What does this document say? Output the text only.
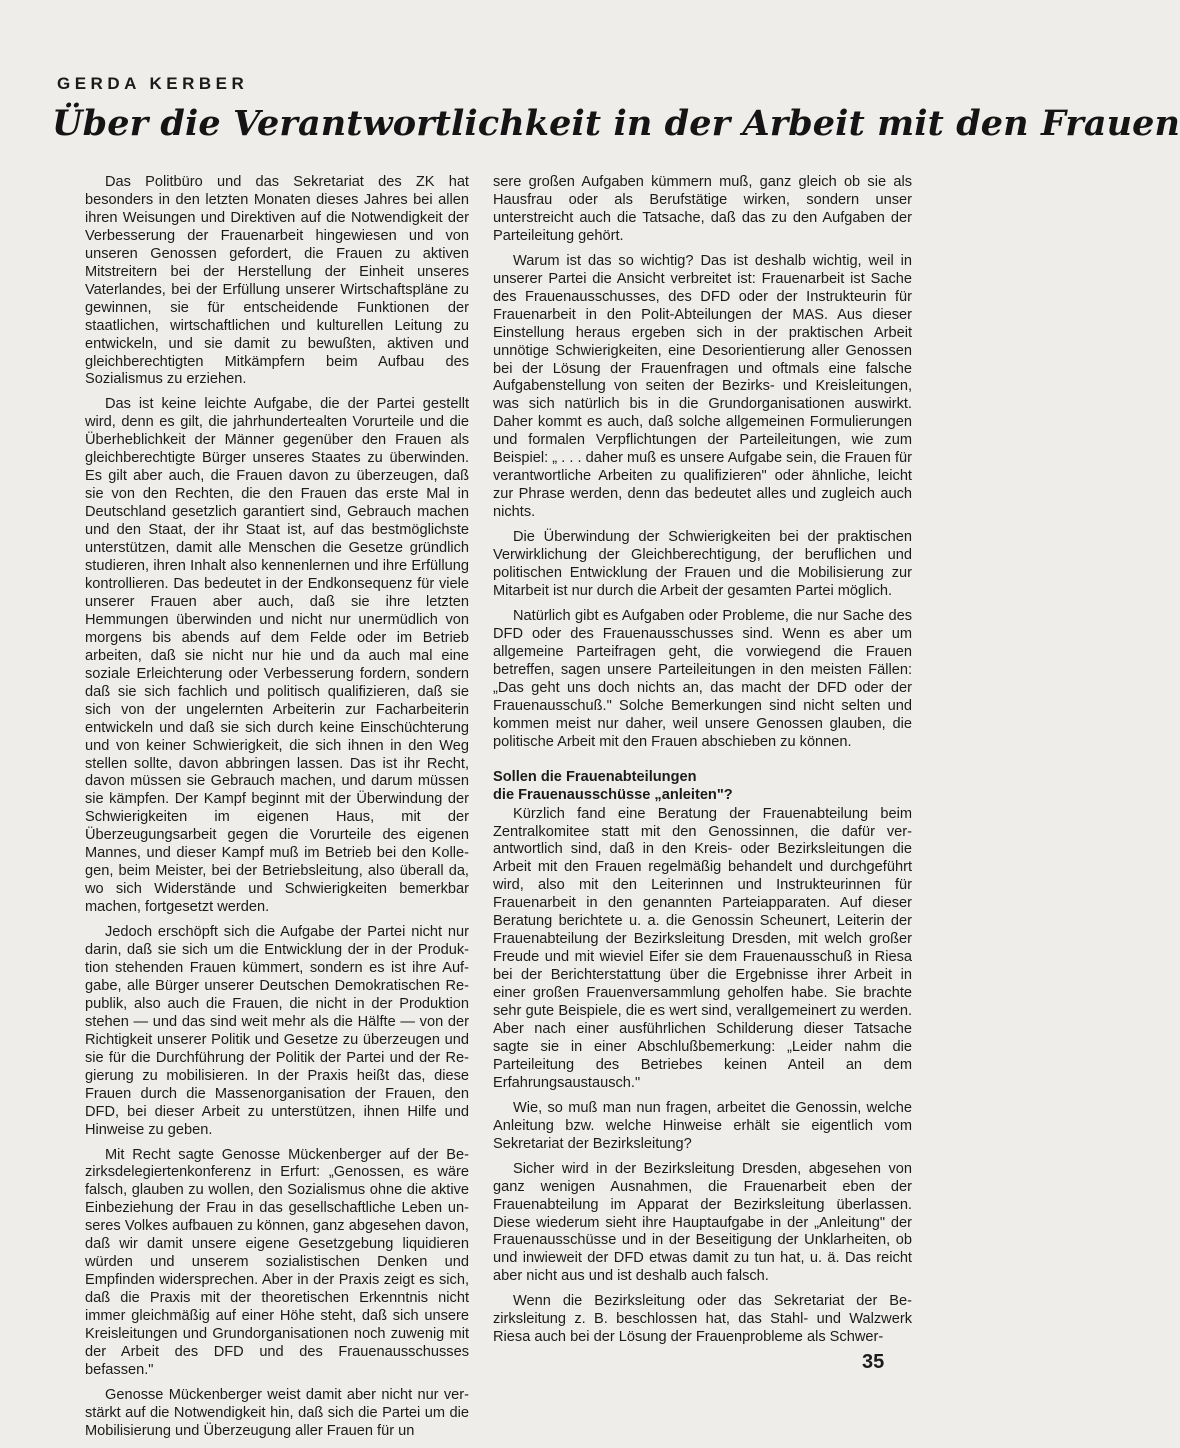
GERDA KERBER
Über die Verantwortlichkeit in der Arbeit mit den Frauen

Das Politbüro und das Sekretariat des ZK hat besonders in den letzten Monaten dieses Jahres bei allen ihren Weisungen und Direktiven auf die Notwendigkeit der Verbesserung der Frauenarbeit hingewiesen und von unseren Genossen gefordert, die Frauen zu aktiven Mitstreitern bei der Herstellung der Einheit unseres Vaterlandes, bei der Erfüllung unserer Wirtschaftspläne zu gewinnen, sie für entscheidende Funktionen der staatlichen, wirtschaftlichen und kulturellen Leitung zu entwickeln, und sie damit zu bewußten, aktiven und gleichberechtigten Mitkämpfern beim Aufbau des Sozialismus zu erziehen.

Das ist keine leichte Aufgabe, die der Partei gestellt wird, denn es gilt, die jahrhundertealten Vorurteile und die Überheblichkeit der Männer gegenüber den Frauen als gleichberechtigte Bürger unseres Staates zu überwinden. Es gilt aber auch, die Frauen davon zu überzeugen, daß sie von den Rechten, die den Frauen das erste Mal in Deutschland gesetzlich garantiert sind, Gebrauch machen und den Staat, der ihr Staat ist, auf das bestmöglichste unterstützen, damit alle Menschen die Gesetze gründlich studieren, ihren Inhalt also kennenlernen und ihre Erfüllung kontrollieren. Das bedeutet in der Endkonsequenz für viele unserer Frauen aber auch, daß sie ihre letzten Hemmungen überwinden und nicht nur unermüdlich von morgens bis abends auf dem Felde oder im Betrieb arbeiten, daß sie nicht nur hie und da auch mal eine soziale Erleichterung oder Verbesserung fordern, sondern daß sie sich fachlich und politisch qualifizieren, daß sie sich von der ungelernten Arbeiterin zur Facharbeiterin entwickeln und daß sie sich durch keine Einschüchterung und von keiner Schwierigkeit, die sich ihnen in den Weg stellen sollte, davon abbringen lassen. Das ist ihr Recht, davon müssen sie Gebrauch machen, und darum müssen sie kämpfen. Der Kampf beginnt mit der Überwindung der Schwierigkeiten im eigenen Haus, mit der Überzeugungsarbeit gegen die Vorurteile des eigenen Mannes, und dieser Kampf muß im Betrieb bei den Kollegen, beim Meister, bei der Betriebsleitung, also überall da, wo sich Widerstände und Schwierigkeiten bemerkbar machen, fortgesetzt werden.

Jedoch erschöpft sich die Aufgabe der Partei nicht nur darin, daß sie sich um die Entwicklung der in der Produktion stehenden Frauen kümmert, sondern es ist ihre Aufgabe, alle Bürger unserer Deutschen Demokratischen Republik, also auch die Frauen, die nicht in der Produktion stehen — und das sind weit mehr als die Hälfte — von der Richtigkeit unserer Politik und Gesetze zu überzeugen und sie für die Durchführung der Politik der Partei und der Regierung zu mobilisieren. In der Praxis heißt das, diese Frauen durch die Massenorganisation der Frauen, den DFD, bei dieser Arbeit zu unterstützen, ihnen Hilfe und Hinweise zu geben.

Mit Recht sagte Genosse Mückenberger auf der Bezirksdelegiertenkonferenz in Erfurt: „Genossen, es wäre falsch, glauben zu wollen, den Sozialismus ohne die aktive Einbeziehung der Frau in das gesellschaftliche Leben unseres Volkes aufbauen zu können, ganz abgesehen davon, daß wir damit unsere eigene Gesetzgebung liquidieren würden und unserem sozialistischen Denken und Empfinden widersprechen. Aber in der Praxis zeigt es sich, daß die Praxis mit der theoretischen Erkenntnis nicht immer gleichmäßig auf einer Höhe steht, daß sich unsere Kreisleitungen und Grundorganisationen noch zuwenig mit der Arbeit des DFD und des Frauenausschusses befassen."

Genosse Mückenberger weist damit aber nicht nur verstärkt auf die Notwendigkeit hin, daß sich die Partei um die Mobilisierung und Überzeugung aller Frauen für un

sere großen Aufgaben kümmern muß, ganz gleich ob sie als Hausfrau oder als Berufstätige wirken, sondern unser unterstreicht auch die Tatsache, daß das zu den Aufgaben der Parteileitung gehört.

Warum ist das so wichtig? Das ist deshalb wichtig, weil in unserer Partei die Ansicht verbreitet ist: Frauenarbeit ist Sache des Frauenausschusses, des DFD oder der Instrukteurin für Frauenarbeit in den Polit-Abteilungen der MAS. Aus dieser Einstellung heraus ergeben sich in der praktischen Arbeit unnötige Schwierigkeiten, eine Desorientierung aller Genossen bei der Lösung der Frauenfragen und oftmals eine falsche Aufgabenstellung von seiten der Bezirks- und Kreisleitungen, was sich natürlich bis in die Grundorganisationen auswirkt. Daher kommt es auch, daß solche allgemeinen Formulierungen und formalen Verpflichtungen der Parteileitungen, wie zum Beispiel: „ . . . daher muß es unsere Aufgabe sein, die Frauen für verantwortliche Arbeiten zu qualifizieren" oder ähnliche, leicht zur Phrase werden, denn das bedeutet alles und zugleich auch nichts.

Die Überwindung der Schwierigkeiten bei der praktischen Verwirklichung der Gleichberechtigung, der beruflichen und politischen Entwicklung der Frauen und die Mobilisierung zur Mitarbeit ist nur durch die Arbeit der gesamten Partei möglich.

Natürlich gibt es Aufgaben oder Probleme, die nur Sache des DFD oder des Frauenausschusses sind. Wenn es aber um allgemeine Parteifragen geht, die vorwiegend die Frauen betreffen, sagen unsere Parteileitungen in den meisten Fällen: „Das geht uns doch nichts an, das macht der DFD oder der Frauenausschuß." Solche Bemerkungen sind nicht selten und kommen meist nur daher, weil unsere Genossen glauben, die politische Arbeit mit den Frauen abschieben zu können.

Sollen die Frauenabteilungen
die Frauenausschüsse „anleiten"?

Kürzlich fand eine Beratung der Frauenabteilung beim Zentralkomitee statt mit den Genossinnen, die dafür verantwortlich sind, daß in den Kreis- oder Bezirksleitungen die Arbeit mit den Frauen regelmäßig behandelt und durchgeführt wird, also mit den Leiterinnen und Instrukteurinnen für Frauenarbeit in den genannten Parteiapparaten. Auf dieser Beratung berichtete u. a. die Genossin Scheunert, Leiterin der Frauenabteilung der Bezirksleitung Dresden, mit welch großer Freude und mit wieviel Eifer sie dem Frauenausschuß in Riesa bei der Berichterstattung über die Ergebnisse ihrer Arbeit in einer großen Frauenversammlung geholfen habe. Sie brachte sehr gute Beispiele, die es wert sind, verallgemeinert zu werden. Aber nach einer ausführlichen Schilderung dieser Tatsache sagte sie in einer Abschlußbemerkung: „Leider nahm die Parteileitung des Betriebes keinen Anteil an dem Erfahrungsaustausch."

Wie, so muß man nun fragen, arbeitet die Genossin, welche Anleitung bzw. welche Hinweise erhält sie eigentlich vom Sekretariat der Bezirksleitung?

Sicher wird in der Bezirksleitung Dresden, abgesehen von ganz wenigen Ausnahmen, die Frauenarbeit eben der Frauenabteilung im Apparat der Bezirksleitung überlassen. Diese wiederum sieht ihre Hauptaufgabe in der „Anleitung" der Frauenausschüsse und in der Beseitigung der Unklarheiten, ob und inwieweit der DFD etwas damit zu tun hat, u. ä. Das reicht aber nicht aus und ist deshalb auch falsch.

Wenn die Bezirksleitung oder das Sekretariat der Bezirksleitung z. B. beschlossen hat, das Stahl- und Walzwerk Riesa auch bei der Lösung der Frauenprobleme als Schwer-

35
